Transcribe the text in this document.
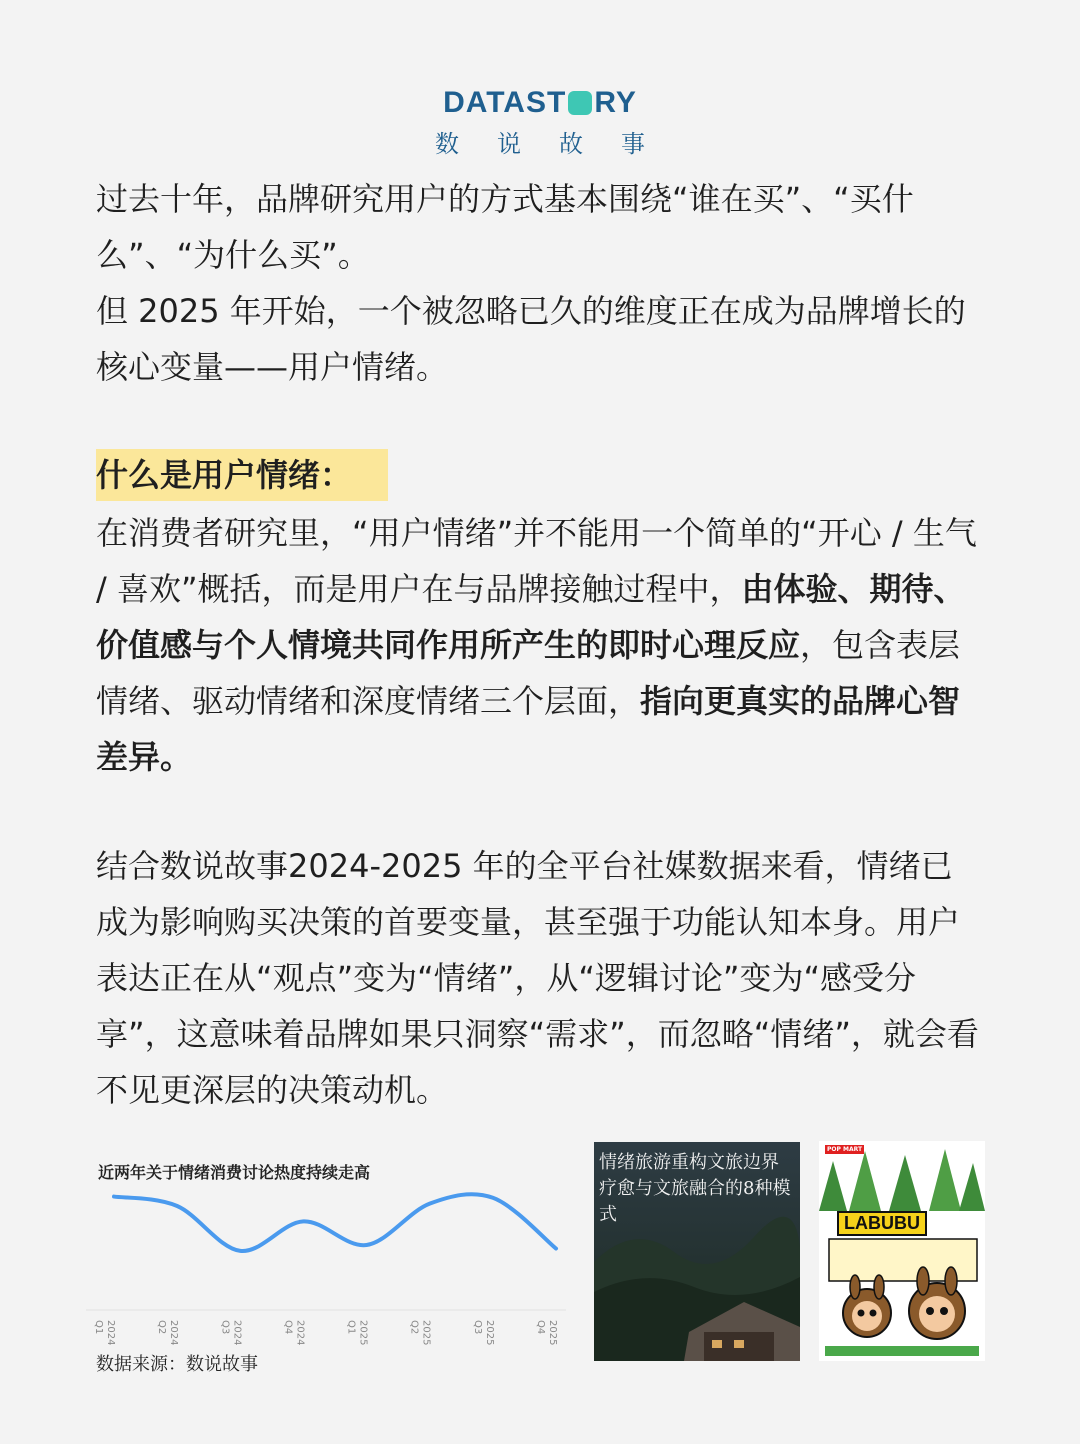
DATAST RY
数说故事

过去十年，品牌研究用户的方式基本围绕“谁在买”、“买什么”、“为什么买”。

但 2025 年开始，一个被忽略已久的维度正在成为品牌增长的核心变量——用户情绪。

什么是用户情绪：

在消费者研究里，“用户情绪”并不能用一个简单的“开心 / 生气 / 喜欢”概括，而是用户在与品牌接触过程中，由体验、期待、价值感与个人情境共同作用所产生的即时心理反应，包含表层情绪、驱动情绪和深度情绪三个层面，指向更真实的品牌心智差异。

结合数说故事2024-2025 年的全平台社媒数据来看，情绪已成为影响购买决策的首要变量，甚至强于功能认知本身。用户表达正在从“观点”变为“情绪”，从“逻辑讨论”变为“感受分享”，这意味着品牌如果只洞察“需求”，而忽略“情绪”，就会看不见更深层的决策动机。

近两年关于情绪消费讨论热度持续走高
2024
Q1	2024
Q2	2024
Q3	2024
Q4	2025
Q1	2025
Q2	2025
Q3	2025
Q4
数据来源：数说故事
情绪旅游重构文旅边界 疗愈与文旅融合的8种模式
POP MART
LABUBU
